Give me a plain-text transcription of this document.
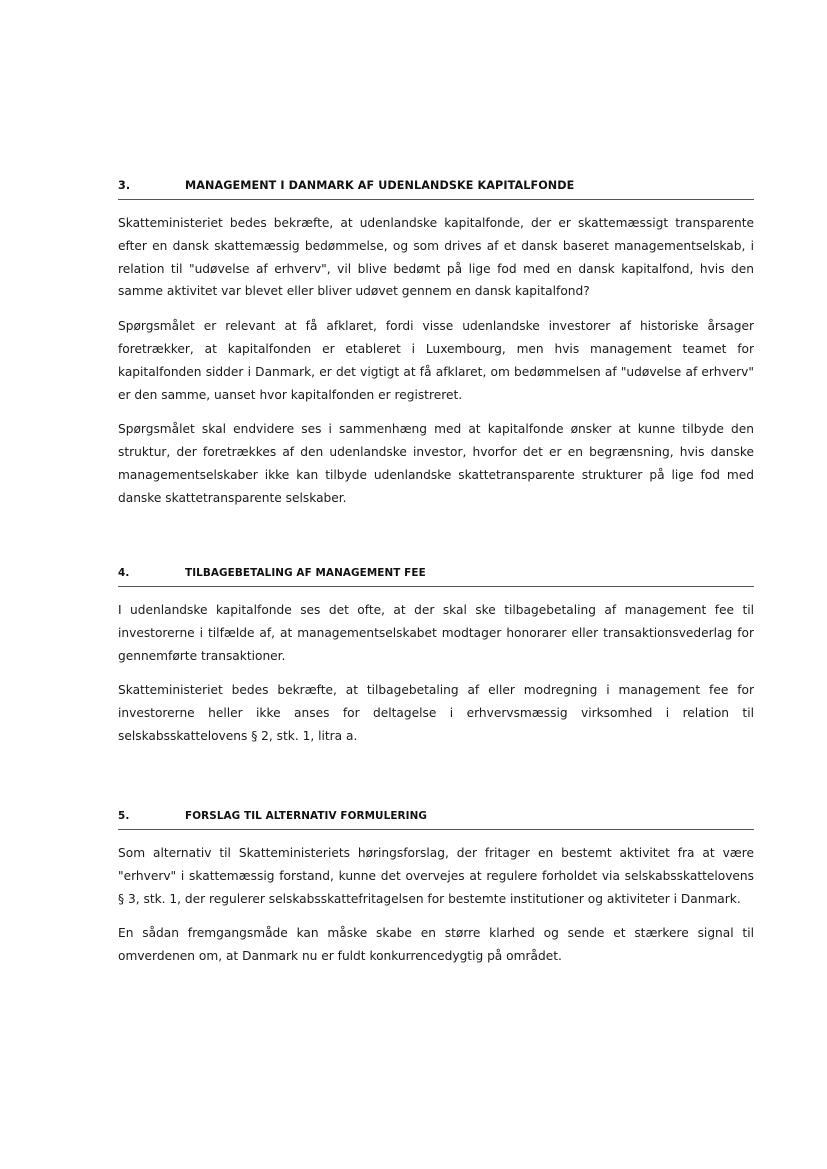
3.	MANAGEMENT I DANMARK AF UDENLANDSKE KAPITALFONDE

Skatteministeriet bedes bekræfte, at udenlandske kapitalfonde, der er skattemæssigt transparente efter en dansk skattemæssig bedømmelse, og som drives af et dansk baseret managementselskab, i relation til "udøvelse af erhverv", vil blive bedømt på lige fod med en dansk kapitalfond, hvis den samme aktivitet var blevet eller bliver udøvet gennem en dansk kapitalfond?

Spørgsmålet er relevant at få afklaret, fordi visse udenlandske investorer af historiske årsager foretrækker, at kapitalfonden er etableret i Luxembourg, men hvis management teamet for kapitalfonden sidder i Danmark, er det vigtigt at få afklaret, om bedømmelsen af "udøvelse af erhverv" er den samme, uanset hvor kapitalfonden er registreret.

Spørgsmålet skal endvidere ses i sammenhæng med at kapitalfonde ønsker at kunne tilbyde den struktur, der foretrækkes af den udenlandske investor, hvorfor det er en begrænsning, hvis danske managementselskaber ikke kan tilbyde udenlandske skattetransparente strukturer på lige fod med danske skattetransparente selskaber.

4.	TILBAGEBETALING AF MANAGEMENT FEE

I udenlandske kapitalfonde ses det ofte, at der skal ske tilbagebetaling af management fee til investorerne i tilfælde af, at managementselskabet modtager honorarer eller transaktionsvederlag for gennemførte transaktioner.

Skatteministeriet bedes bekræfte, at tilbagebetaling af eller modregning i management fee for investorerne heller ikke anses for deltagelse i erhvervsmæssig virksomhed i relation til selskabsskattelovens § 2, stk. 1, litra a.

5.	FORSLAG TIL ALTERNATIV FORMULERING

Som alternativ til Skatteministeriets høringsforslag, der fritager en bestemt aktivitet fra at være "erhverv" i skattemæssig forstand, kunne det overvejes at regulere forholdet via selskabsskattelovens § 3, stk. 1, der regulerer selskabsskattefritagelsen for bestemte institutioner og aktiviteter i Danmark.

En sådan fremgangsmåde kan måske skabe en større klarhed og sende et stærkere signal til omverdenen om, at Danmark nu er fuldt konkurrencedygtig på området.
